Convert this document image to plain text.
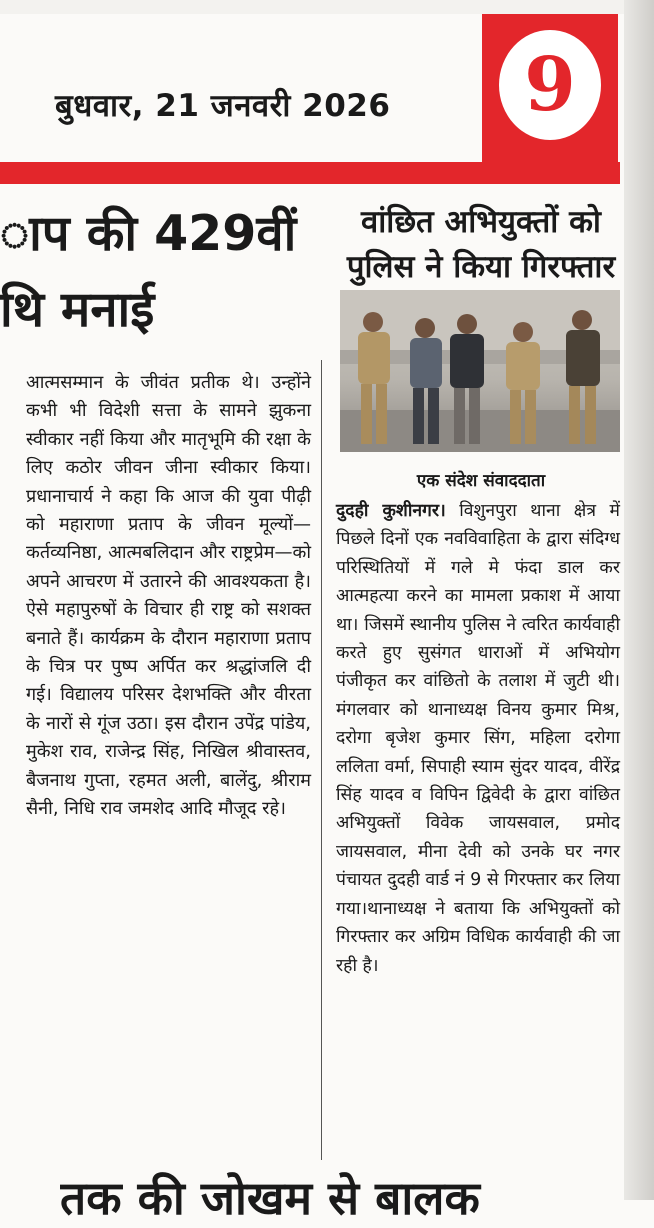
बुधवार, 21 जनवरी 2026 9
ाप की 429वीं
थि मनाई
वांछित अभियुक्तों को
पुलिस ने किया गिरफ्तार

आत्मसम्मान के जीवंत प्रतीक थे। उन्होंने कभी भी विदेशी सत्ता के सामने झुकना स्वीकार नहीं किया और मातृभूमि की रक्षा के लिए कठोर जीवन जीना स्वीकार किया। प्रधानाचार्य ने कहा कि आज की युवा पीढ़ी को महाराणा प्रताप के जीवन मूल्यों—कर्तव्यनिष्ठा, आत्मबलिदान और राष्ट्रप्रेम—को अपने आचरण में उतारने की आवश्यकता है। ऐसे महापुरुषों के विचार ही राष्ट्र को सशक्त बनाते हैं। कार्यक्रम के दौरान महाराणा प्रताप के चित्र पर पुष्प अर्पित कर श्रद्धांजलि दी गई। विद्यालय परिसर देशभक्ति और वीरता के नारों से गूंज उठा। इस दौरान उपेंद्र पांडेय, मुकेश राव, राजेन्द्र सिंह, निखिल श्रीवास्तव, बैजनाथ गुप्ता, रहमत अली, बालेंदु, श्रीराम सैनी, निधि राव जमशेद आदि मौजूद रहे।

एक संदेश संवाददाता

दुदही कुशीनगर। विशुनपुरा थाना क्षेत्र में पिछले दिनों एक नवविवाहिता के द्वारा संदिग्ध परिस्थितियों में गले मे फंदा डाल कर आत्महत्या करने का मामला प्रकाश में आया था। जिसमें स्थानीय पुलिस ने त्वरित कार्यवाही करते हुए सुसंगत धाराओं में अभियोग पंजीकृत कर वांछितो के तलाश में जुटी थी।मंगलवार को थानाध्यक्ष विनय कुमार मिश्र, दरोगा बृजेश कुमार सिंग, महिला दरोगा ललिता वर्मा, सिपाही स्याम सुंदर यादव, वीरेंद्र सिंह यादव व विपिन द्विवेदी के द्वारा वांछित अभियुक्तों विवेक जायसवाल, प्रमोद जायसवाल, मीना देवी को उनके घर नगर पंचायत दुदही वार्ड नं 9 से गिरफ्तार कर लिया गया।थानाध्यक्ष ने बताया कि अभियुक्तों को गिरफ्तार कर अग्रिम विधिक कार्यवाही की जा रही है।

तक की जोखम से बालक
